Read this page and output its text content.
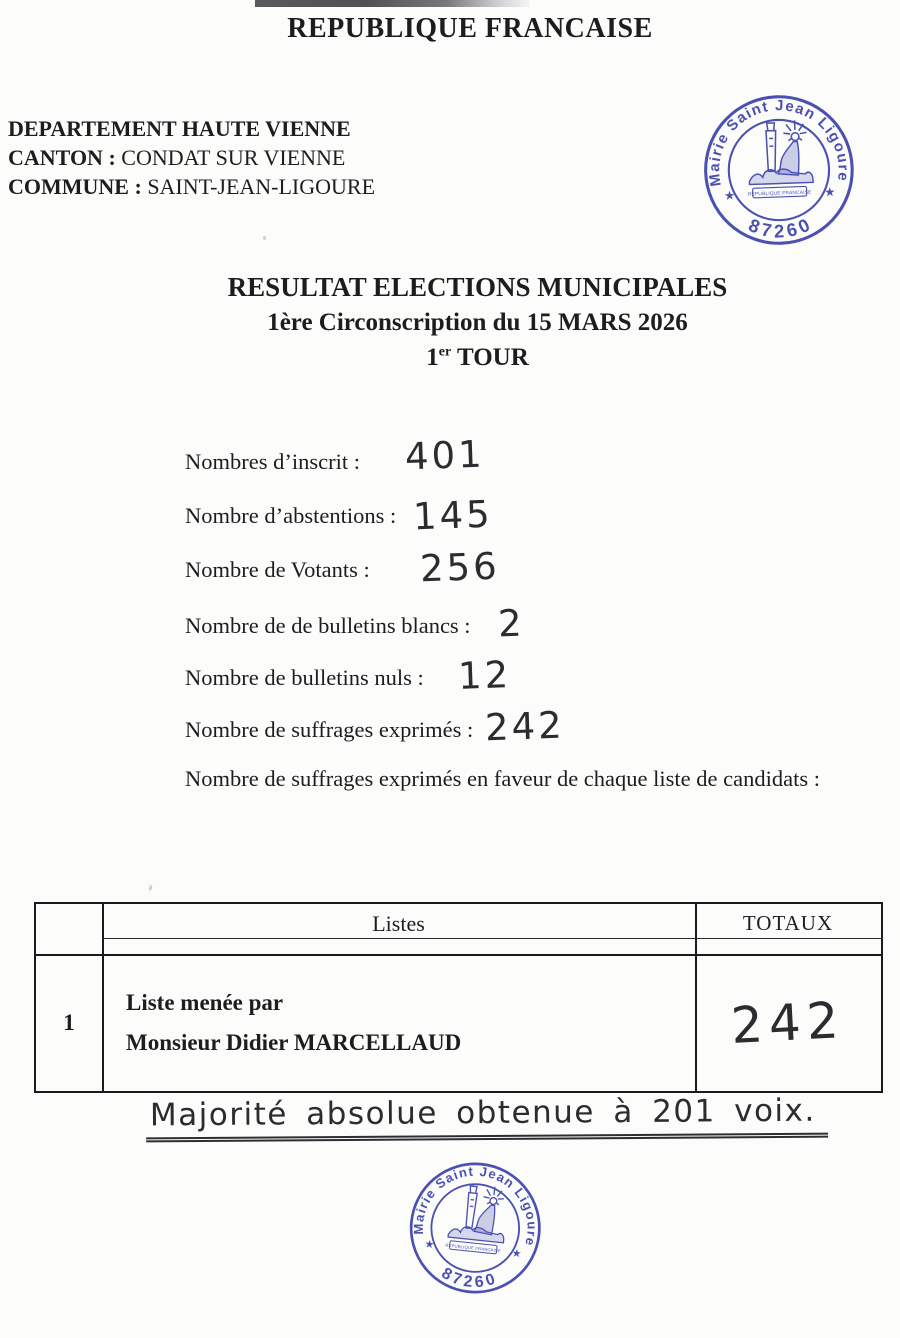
REPUBLIQUE FRANCAISE
DEPARTEMENT HAUTE VIENNE
CANTON : CONDAT SUR VIENNE
COMMUNE : SAINT-JEAN-LIGOURE	Mairie Saint Jean Ligoure
87260
★	★
REPUBLIQUE FRANCAISE
RESULTAT ELECTIONS MUNICIPALES
1ère Circonscription du 15 MARS 2026
1er TOUR
Nombres d’inscrit : 401
Nombre d’abstentions : 145
Nombre de Votants : 256
Nombre de de bulletins blancs : 2
Nombre de bulletins nuls : 12
Nombre de suffrages exprimés : 242
Nombre de suffrages exprimés en faveur de chaque liste de candidats :
Listes	TOTAUX
1
Liste menée par
Monsieur Didier MARCELLAUD	242
Majorité absolue obtenue à 201 voix.
Mairie Saint Jean Ligoure
87260
★
★
REPUBLIQUE FRANCAISE
